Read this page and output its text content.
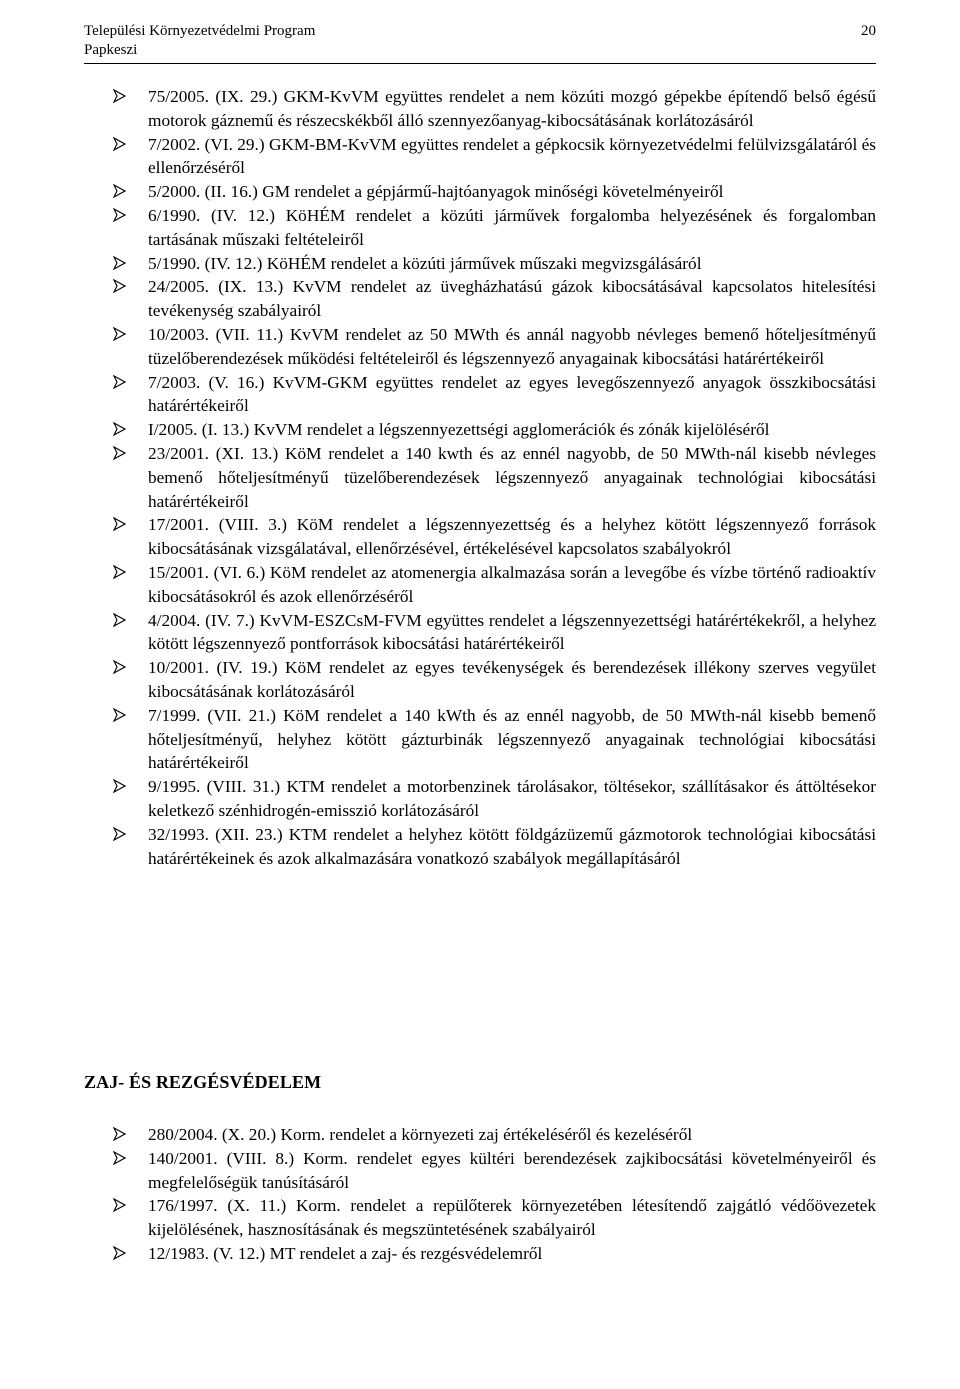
Települési Környezetvédelmi Program
Papkeszi
20
75/2005. (IX. 29.) GKM-KvVM együttes rendelet a nem közúti mozgó gépekbe építendő belső égésű motorok gáznemű és részecskékből álló szennyezőanyag-kibocsátásának korlátozásáról
7/2002. (VI. 29.) GKM-BM-KvVM együttes rendelet a gépkocsik környezetvédelmi felülvizsgálatáról és ellenőrzéséről
5/2000. (II. 16.) GM rendelet a gépjármű-hajtóanyagok minőségi követelményeiről
6/1990. (IV. 12.) KöHÉM rendelet a közúti járművek forgalomba helyezésének és forgalomban tartásának műszaki feltételeiről
5/1990. (IV. 12.) KöHÉM rendelet a közúti járművek műszaki megvizsgálásáról
24/2005. (IX. 13.) KvVM rendelet az üvegházhatású gázok kibocsátásával kapcsolatos hitelesítési tevékenység szabályairól
10/2003. (VII. 11.) KvVM rendelet az 50 MWth és annál nagyobb névleges bemenő hőteljesítményű tüzelőberendezések működési feltételeiről és légszennyező anyagainak kibocsátási határértékeiről
7/2003. (V. 16.) KvVM-GKM együttes rendelet az egyes levegőszennyező anyagok összkibocsátási határértékeiről
I/2005. (I. 13.) KvVM rendelet a légszennyezettségi agglomerációk és zónák kijelöléséről
23/2001. (XI. 13.) KöM rendelet a 140 kwth és az ennél nagyobb, de 50 MWth-nál kisebb névleges bemenő hőteljesítményű tüzelőberendezések légszennyező anyagainak technológiai kibocsátási határértékeiről
17/2001. (VIII. 3.) KöM rendelet a légszennyezettség és a helyhez kötött légszennyező források kibocsátásának vizsgálatával, ellenőrzésével, értékelésével kapcsolatos szabályokról
15/2001. (VI. 6.) KöM rendelet az atomenergia alkalmazása során a levegőbe és vízbe történő radioaktív kibocsátásokról és azok ellenőrzéséről
4/2004. (IV. 7.) KvVM-ESZCsM-FVM együttes rendelet a légszennyezettségi határértékekről, a helyhez kötött légszennyező pontforrások kibocsátási határértékeiről
10/2001. (IV. 19.) KöM rendelet az egyes tevékenységek és berendezések illékony szerves vegyület kibocsátásának korlátozásáról
7/1999. (VII. 21.) KöM rendelet a 140 kWth és az ennél nagyobb, de 50 MWth-nál kisebb bemenő hőteljesítményű, helyhez kötött gázturbinák légszennyező anyagainak technológiai kibocsátási határértékeiről
9/1995. (VIII. 31.) KTM rendelet a motorbenzinek tárolásakor, töltésekor, szállításakor és áttöltésekor keletkező szénhidrogén-emisszió korlátozásáról
32/1993. (XII. 23.) KTM rendelet a helyhez kötött földgázüzemű gázmotorok technológiai kibocsátási határértékeinek és azok alkalmazására vonatkozó szabályok megállapításáról
ZAJ- ÉS REZGÉSVÉDELEM
280/2004. (X. 20.) Korm. rendelet a környezeti zaj értékeléséről és kezeléséről
140/2001. (VIII. 8.) Korm. rendelet egyes kültéri berendezések zajkibocsátási követelményeiről és megfelelőségük tanúsításáról
176/1997. (X. 11.) Korm. rendelet a repülőterek környezetében létesítendő zajgátló védőövezetek kijelölésének, hasznosításának és megszüntetésének szabályairól
12/1983. (V. 12.) MT rendelet a zaj- és rezgésvédelemről
